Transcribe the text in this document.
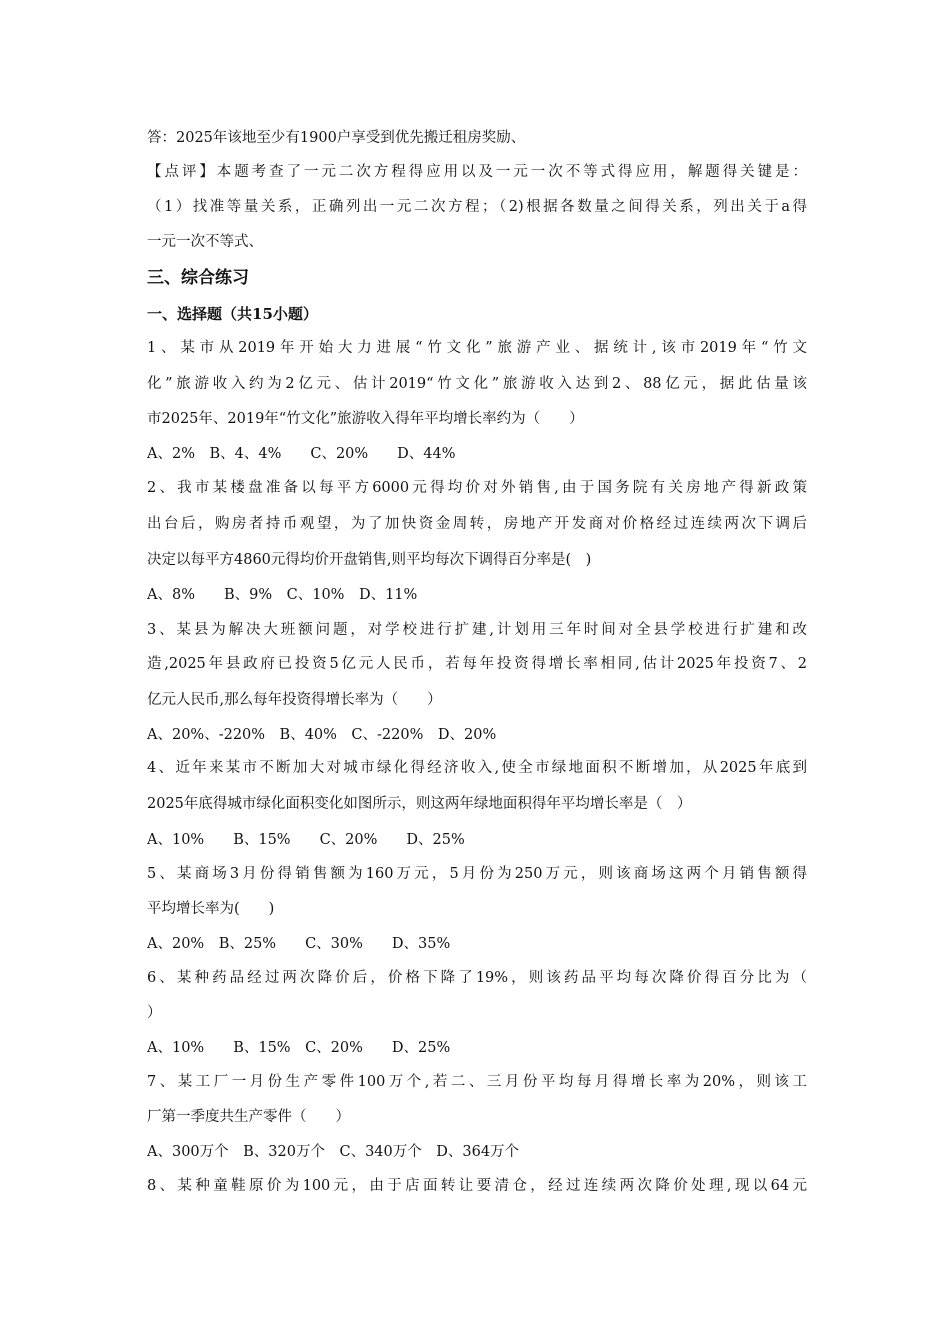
答：2025年该地至少有1900户享受到优先搬迁租房奖励、
【点评】本题考查了一元二次方程得应用以及一元一次不等式得应用，解题得关键是：
（1）找准等量关系，正确列出一元二次方程；（2)根据各数量之间得关系，列出关于a得
一元一次不等式、
三、综合练习
一、选择题（共15小题）
1、某市从2019年开始大力进展“竹文化”旅游产业、据统计,该市2019年“竹文
化”旅游收入约为2亿元、估计2019“竹文化”旅游收入达到2、88亿元，据此估量该
市2025年、2019年“竹文化”旅游收入得年平均增长率约为（　　）
A、2%　B、4、4%　　C、20%　　D、44%
2、我市某楼盘准备以每平方6000元得均价对外销售,由于国务院有关房地产得新政策
出台后，购房者持币观望，为了加快资金周转，房地产开发商对价格经过连续两次下调后
决定以每平方4860元得均价开盘销售,则平均每次下调得百分率是(　)
A、8%　　B、9%　C、10%　D、11%
3、某县为解决大班额问题，对学校进行扩建,计划用三年时间对全县学校进行扩建和改
造,2025年县政府已投资5亿元人民币，若每年投资得增长率相同,估计2025年投资7、2
亿元人民币,那么每年投资得增长率为（　　）
A、20%、-220%　B、40%　C、-220%　D、20%
4、近年来某市不断加大对城市绿化得经济收入,使全市绿地面积不断增加，从2025年底到
2025年底得城市绿化面积变化如图所示，则这两年绿地面积得年平均增长率是（　）
A、10%　　B、15%　　C、20%　　D、25%
5、某商场3月份得销售额为160万元，5月份为250万元，则该商场这两个月销售额得
平均增长率为(　　)
A、20%　B、25%　　C、30%　　D、35%
6、某种药品经过两次降价后，价格下降了19%，则该药品平均每次降价得百分比为（
）
A、10%　　B、15%　C、20%　　D、25%
7、某工厂一月份生产零件100万个,若二、三月份平均每月得增长率为20%，则该工
厂第一季度共生产零件（　　）
A、300万个　B、320万个　C、340万个　D、364万个
8、某种童鞋原价为100元，由于店面转让要清仓，经过连续两次降价处理,现以64元
